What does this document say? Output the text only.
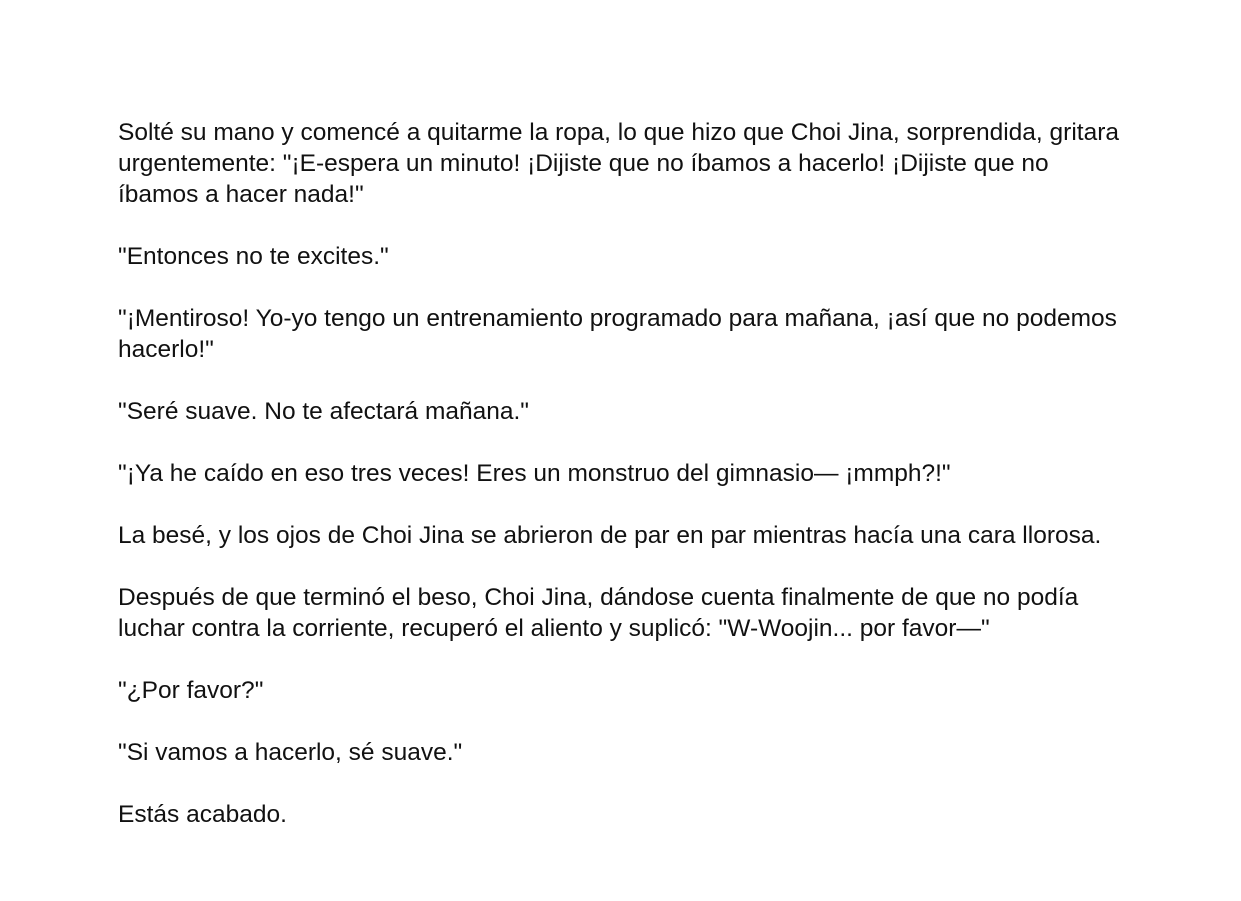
Solté su mano y comencé a quitarme la ropa, lo que hizo que Choi Jina, sorprendida, gritara urgentemente: "¡E-espera un minuto! ¡Dijiste que no íbamos a hacerlo! ¡Dijiste que no íbamos a hacer nada!"

"Entonces no te excites."

"¡Mentiroso! Yo-yo tengo un entrenamiento programado para mañana, ¡así que no podemos hacerlo!"

"Seré suave. No te afectará mañana."

"¡Ya he caído en eso tres veces! Eres un monstruo del gimnasio— ¡mmph?!"

La besé, y los ojos de Choi Jina se abrieron de par en par mientras hacía una cara llorosa.

Después de que terminó el beso, Choi Jina, dándose cuenta finalmente de que no podía luchar contra la corriente, recuperó el aliento y suplicó: "W-Woojin... por favor—"

"¿Por favor?"

"Si vamos a hacerlo, sé suave."

Estás acabado.
